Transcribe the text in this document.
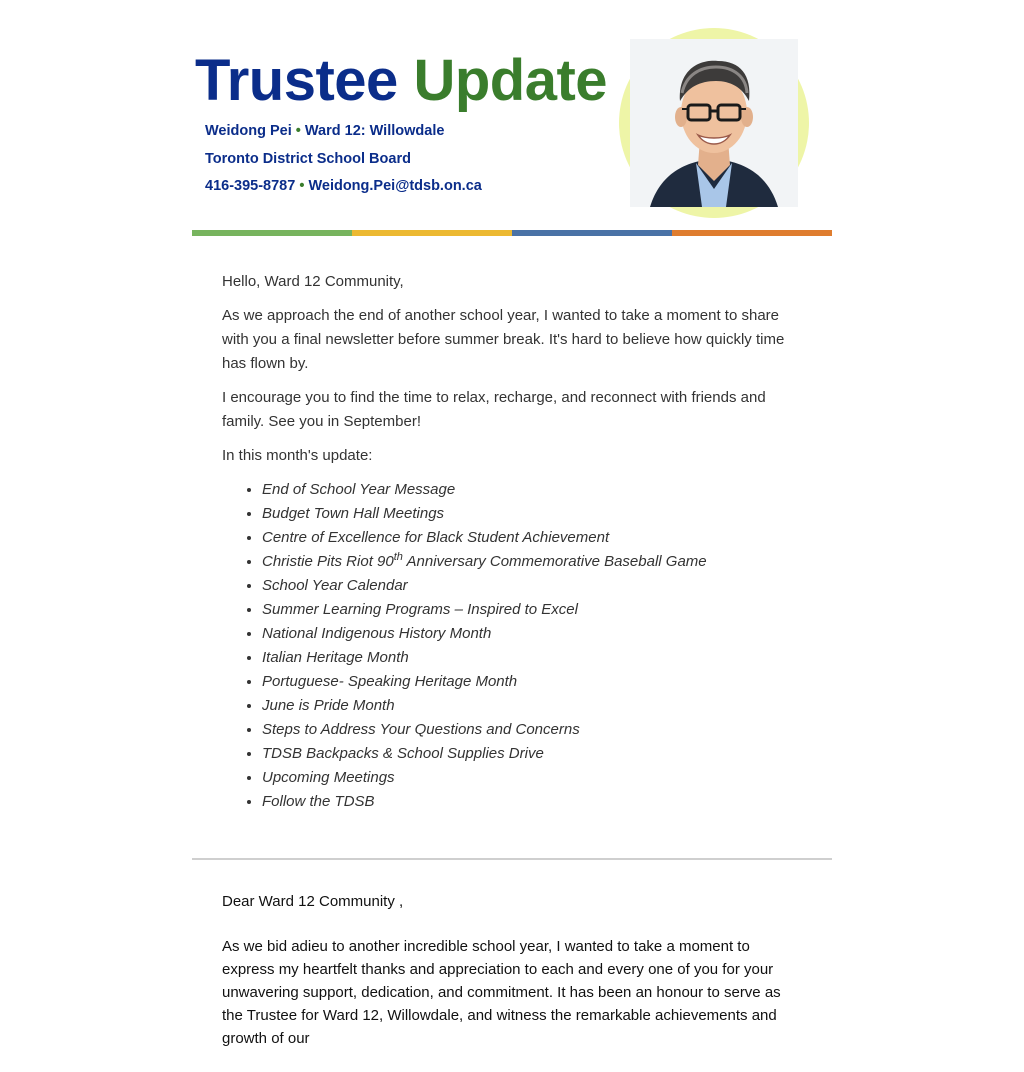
Trustee Update
Weidong Pei • Ward 12: Willowdale
Toronto District School Board
416-395-8787 • Weidong.Pei@tdsb.on.ca

Hello, Ward 12 Community,

As we approach the end of another school year, I wanted to take a moment to share with you a final newsletter before summer break. It's hard to believe how quickly time has flown by.

I encourage you to find the time to relax, recharge, and reconnect with friends and family. See you in September!

In this month's update:

• End of School Year Message
• Budget Town Hall Meetings
• Centre of Excellence for Black Student Achievement
• Christie Pits Riot 90th Anniversary Commemorative Baseball Game
• School Year Calendar
• Summer Learning Programs – Inspired to Excel
• National Indigenous History Month
• Italian Heritage Month
• Portuguese- Speaking Heritage Month
• June is Pride Month
• Steps to Address Your Questions and Concerns
• TDSB Backpacks & School Supplies Drive
• Upcoming Meetings
• Follow the TDSB

Dear Ward 12 Community ,

As we bid adieu to another incredible school year, I wanted to take a moment to express my heartfelt thanks and appreciation to each and every one of you for your unwavering support, dedication, and commitment. It has been an honour to serve as the Trustee for Ward 12, Willowdale, and witness the remarkable achievements and growth of our
